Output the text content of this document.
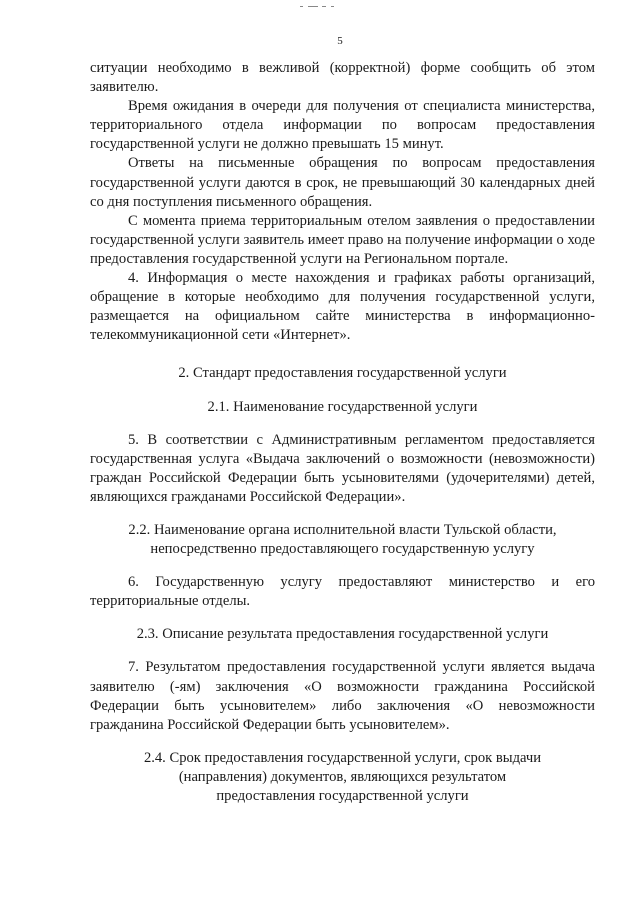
5

ситуации необходимо в вежливой (корректной) форме сообщить об этом заявителю.

Время ожидания в очереди для получения от специалиста министерства, территориального отдела информации по вопросам предоставления государственной услуги не должно превышать 15 минут.

Ответы на письменные обращения по вопросам предоставления государственной услуги даются в срок, не превышающий 30 календарных дней со дня поступления письменного обращения.

С момента приема территориальным отелом заявления о предоставлении государственной услуги заявитель имеет право на получение информации о ходе предоставления государственной услуги на Региональном портале.

4. Информация о месте нахождения и графиках работы организаций, обращение в которые необходимо для получения государственной услуги, размещается на официальном сайте министерства в информационно-телекоммуникационной сети «Интернет».

2. Стандарт предоставления государственной услуги

2.1. Наименование государственной услуги

5. В соответствии с Административным регламентом предоставляется государственная услуга «Выдача заключений о возможности (невозможности) граждан Российской Федерации быть усыновителями (удочерителями) детей, являющихся гражданами Российской Федерации».

2.2. Наименование органа исполнительной власти Тульской области,
непосредственно предоставляющего государственную услугу

6. Государственную услугу предоставляют министерство и его территориальные отделы.

2.3. Описание результата предоставления государственной услуги

7. Результатом предоставления государственной услуги является выдача заявителю (-ям) заключения «О возможности гражданина Российской Федерации быть усыновителем» либо заключения «О невозможности гражданина Российской Федерации быть усыновителем».

2.4. Срок предоставления государственной услуги, срок выдачи
(направления) документов, являющихся результатом
предоставления государственной услуги
